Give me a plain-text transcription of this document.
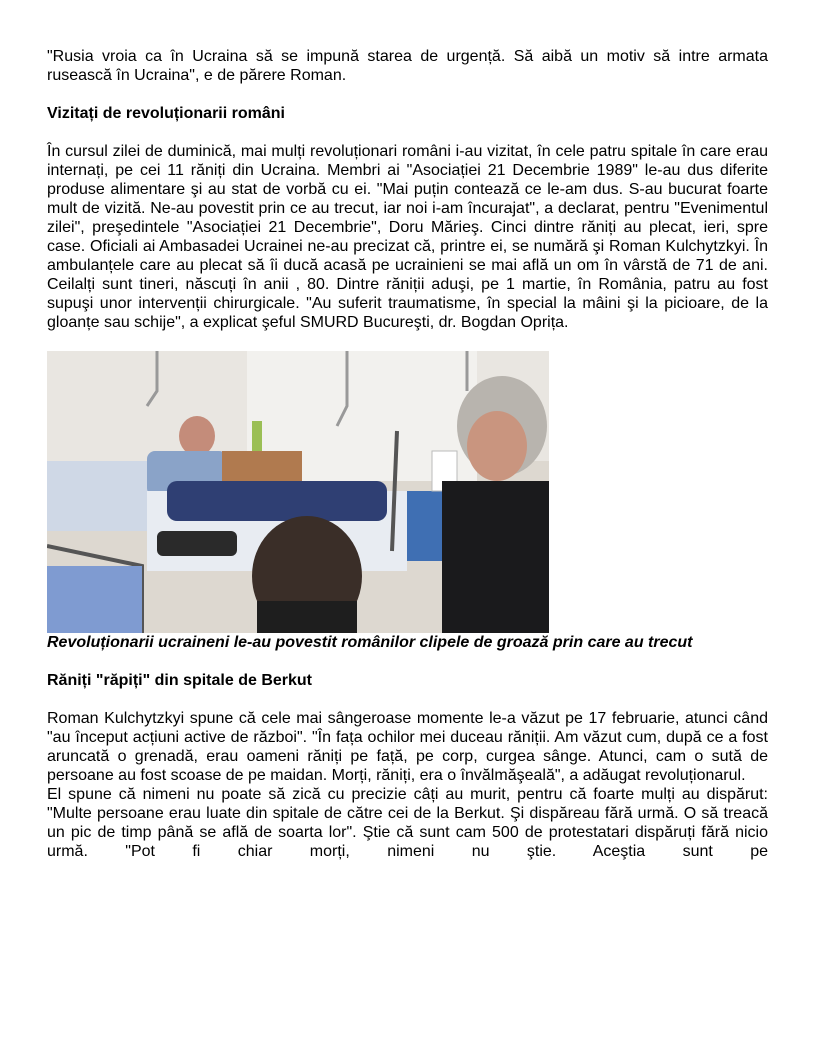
"Rusia vroia ca în Ucraina să se impună starea de urgență. Să aibă un motiv să intre armata rusească în Ucraina", e de părere Roman.

Vizitați de revoluționarii români

În cursul zilei de duminică, mai mulți revoluționari români i-au vizitat, în cele patru spitale în care erau internați, pe cei 11 răniți din Ucraina. Membri ai "Asociației 21 Decembrie 1989" le-au dus diferite produse alimentare şi au stat de vorbă cu ei. "Mai puțin contează ce le-am dus. S-au bucurat foarte mult de vizită. Ne-au povestit prin ce au trecut, iar noi i-am încurajat", a declarat, pentru "Evenimentul zilei", preşedintele "Asociației 21 Decembrie", Doru Mărieş. Cinci dintre răniți au plecat, ieri, spre case. Oficiali ai Ambasadei Ucrainei ne-au precizat că, printre ei, se numără şi Roman Kulchytzkyi. În ambulanțele care au plecat să îi ducă acasă pe ucrainieni se mai află un om în vârstă de 71 de ani. Ceilalți sunt tineri, născuți în anii , 80. Dintre răniții aduşi, pe 1 martie, în România, patru au fost supuşi unor intervenții chirurgicale. "Au suferit traumatisme, în special la mâini şi la picioare, de la gloanțe sau schije", a explicat şeful SMURD Bucureşti, dr. Bogdan Oprița.

Revoluționarii ucraineni le-au povestit românilor clipele de groază prin care au trecut

Răniți "răpiți" din spitale de Berkut

Roman Kulchytzkyi spune că cele mai sângeroase momente le-a văzut pe 17 februarie, atunci când "au început acțiuni active de război". "În fața ochilor mei duceau răniții. Am văzut cum, după ce a fost aruncată o grenadă, erau oameni răniți pe față, pe corp, curgea sânge. Atunci, cam o sută de persoane au fost scoase de pe maidan. Morți, răniți, era o învălmăşeală", a adăugat revoluționarul.

El spune că nimeni nu poate să zică cu precizie câți au murit, pentru că foarte mulți au dispărut: "Multe persoane erau luate din spitale de către cei de la Berkut. Şi dispăreau fără urmă. O să treacă un pic de timp până se află de soarta lor". Ştie că sunt cam 500 de protestatari dispăruți fără nicio urmă. "Pot fi chiar morți, nimeni nu ştie. Aceştia sunt pe
